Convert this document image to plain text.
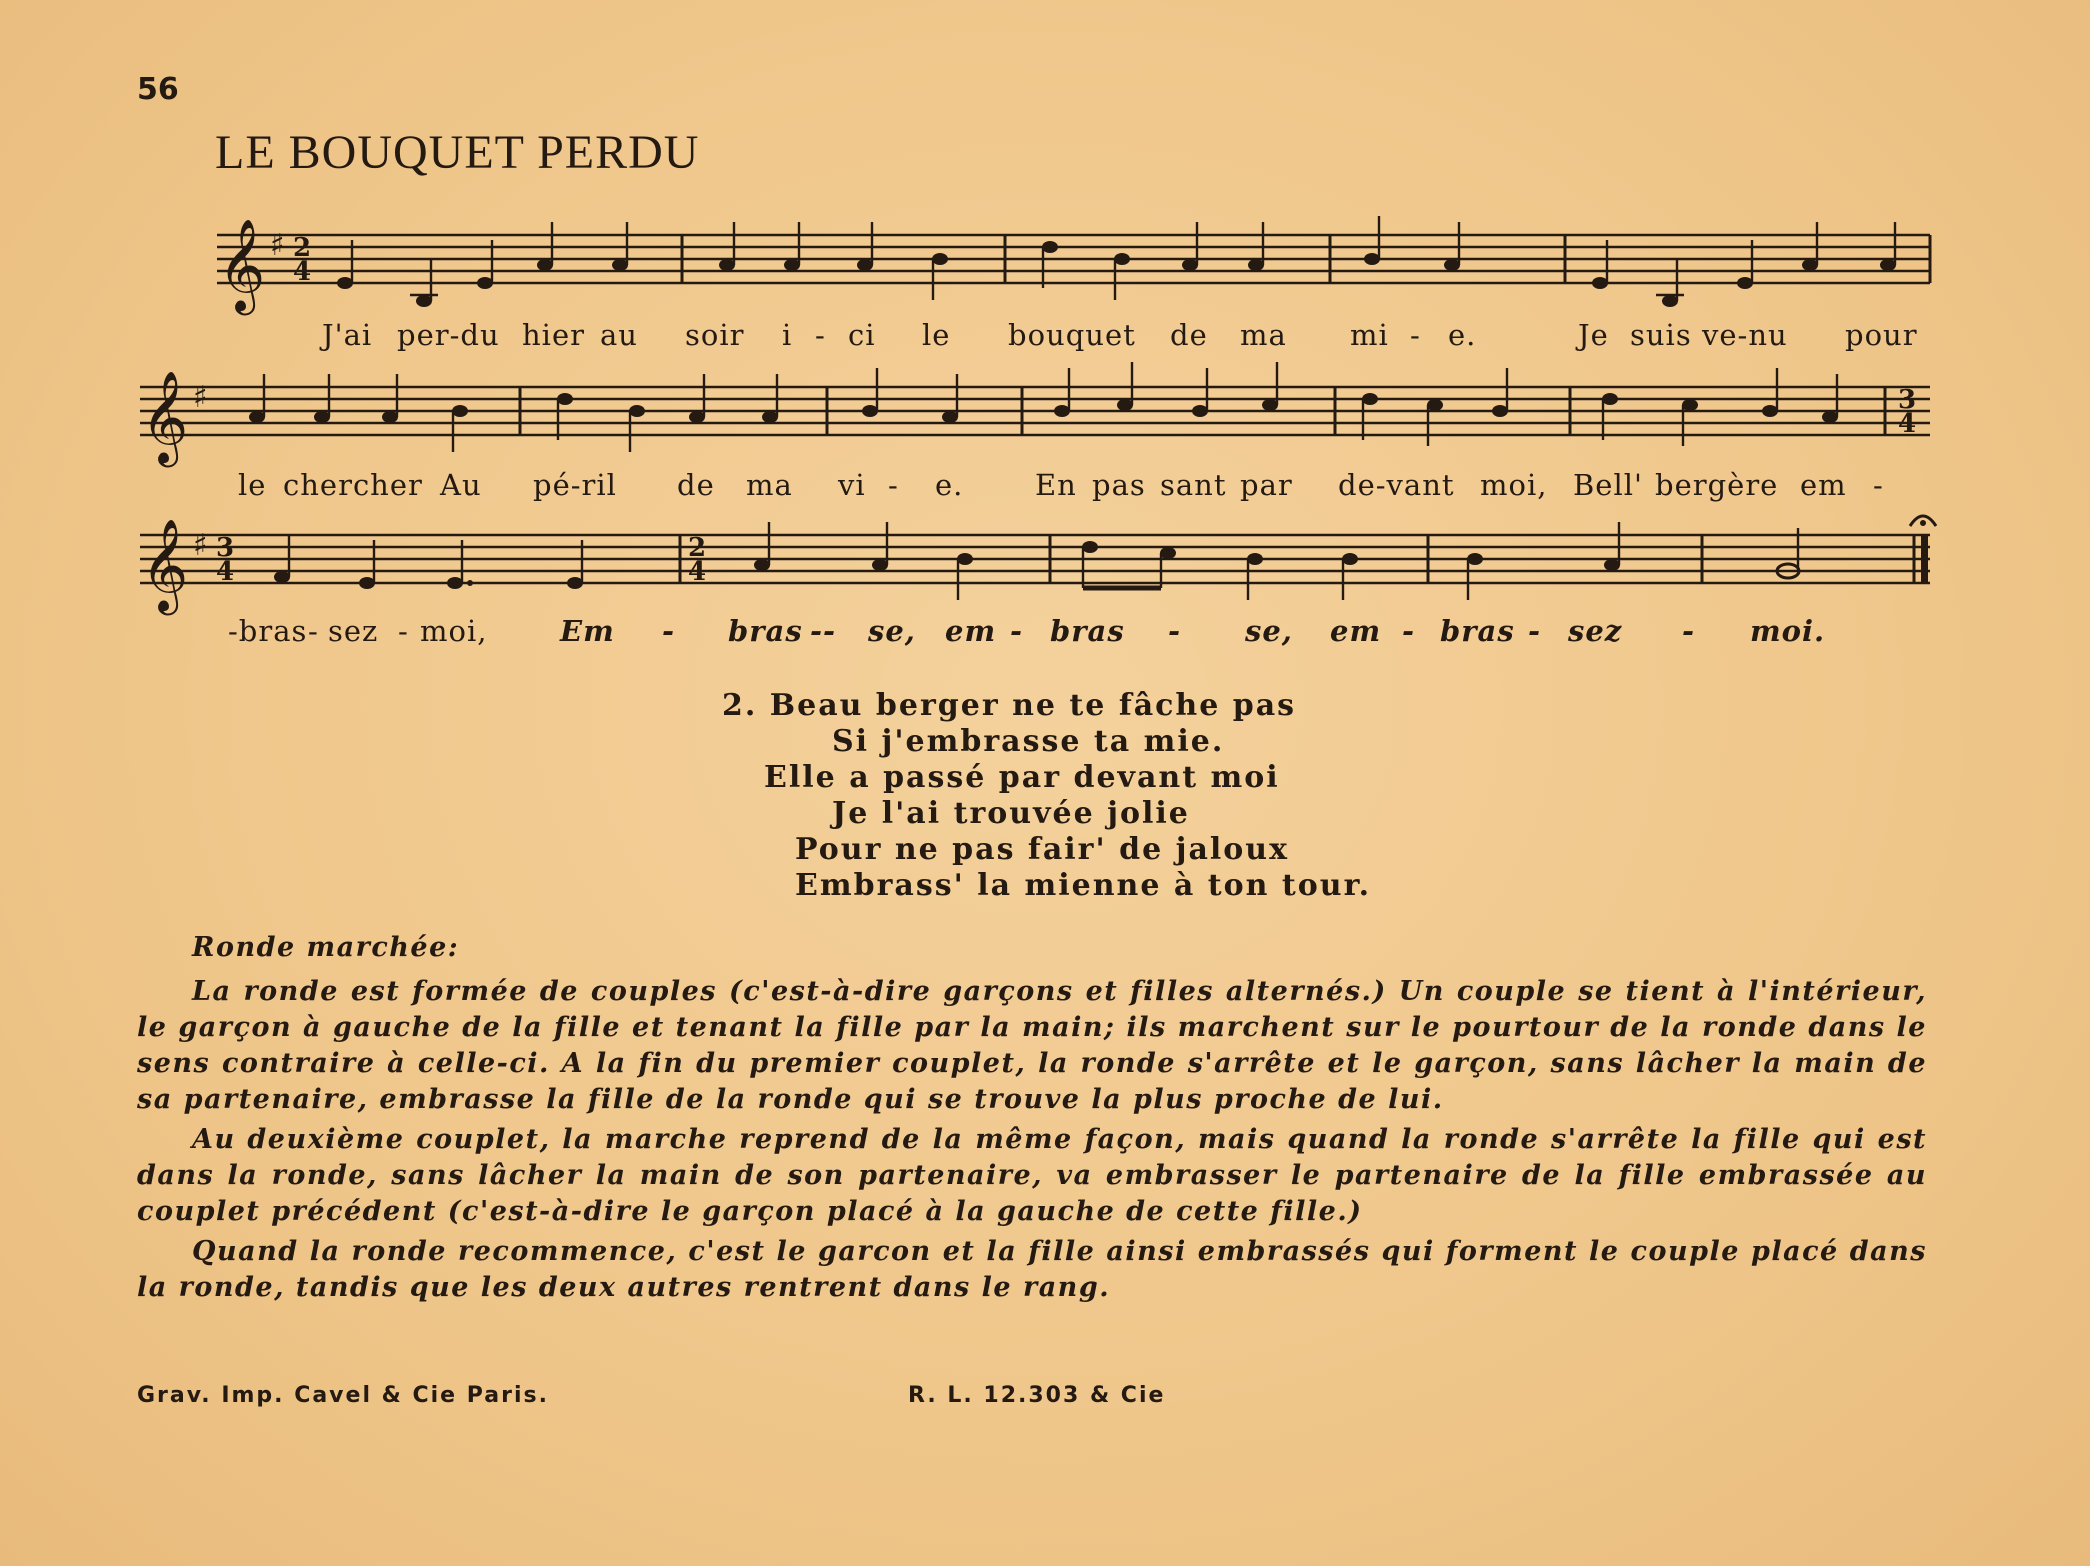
56
LE BOUQUET PERDU
𝄞 ♯ 2
4
J'ai per-du hier au soir i - ci le bouquet de ma mi - e.	Je suis ve-nu pour
𝄞 ♯	3
4
le chercher Au pé-ril de ma vi - e. En pas sant par de-vant moi, Bell' bergère em -
𝄞 ♯ 3
4
2
4
-bras - sez - moi,	Em - bras -- se, em - bras - se, em - bras - sez - moi.
2. Beau berger ne te fâche pas
Si j'embrasse ta mie.
Elle a passé par devant moi
Je l'ai trouvée jolie
Pour ne pas fair' de jaloux
Embrass' la mienne à ton tour.
Ronde marchée:
La ronde est formée de couples (c'est-à-dire garçons et filles alternés.) Un couple se tient à l'intérieur, le garçon à gauche de la fille et tenant la fille par la main; ils marchent sur le pourtour de la ronde dans le sens contraire à celle-ci. A la fin du premier couplet, la ronde s'arrête et le garçon, sans lâcher la main de sa partenaire, embrasse la fille de la ronde qui se trouve la plus proche de lui.
Au deuxième couplet, la marche reprend de la même façon, mais quand la ronde s'arrête la fille qui est dans la ronde, sans lâcher la main de son partenaire, va embrasser le partenaire de la fille embrassée au couplet précédent (c'est-à-dire le garçon placé à la gauche de cette fille.)
Quand la ronde recommence, c'est le garcon et la fille ainsi embrassés qui forment le couple placé dans la ronde, tandis que les deux autres rentrent dans le rang.
Grav. Imp. Cavel & Cie Paris.	R. L. 12.303 & Cie
